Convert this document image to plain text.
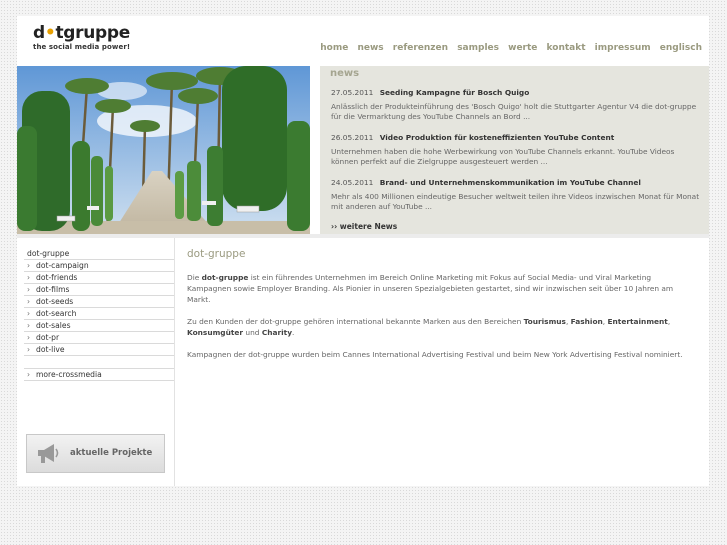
d•tgruppe
the social media power!	home news referenzen samples werte kontakt impressum englisch
news
27.05.2011 Seeding Kampagne für Bosch Quigo
Anlässlich der Produkteinführung des 'Bosch Quigo' holt die Stuttgarter Agentur V4 die dot-gruppe für die Vermarktung des YouTube Channels an Bord ...
26.05.2011 Video Produktion für kosteneffizienten YouTube Content
Unternehmen haben die hohe Werbewirkung von YouTube Channels erkannt. YouTube Videos können perfekt auf die Zielgruppe ausgesteuert werden ...
24.05.2011 Brand- und Unternehmenskommunikation im YouTube Channel
Mehr als 400 Millionen eindeutige Besucher weltweit teilen ihre Videos inzwischen Monat für Monat mit anderen auf YouTube ...
›› weitere News
dot-gruppe
› dot-campaign
› dot-friends
› dot-films
› dot-seeds
› dot-search
› dot-sales
› dot-pr
› dot-live
› more-crossmedia
aktuelle Projekte
dot-gruppe

Die dot-gruppe ist ein führendes Unternehmen im Bereich Online Marketing mit Fokus auf Social Media- und Viral Marketing Kampagnen sowie Employer Branding. Als Pionier in unseren Spezialgebieten gestartet, sind wir inzwischen seit über 10 Jahren am Markt.

Zu den Kunden der dot-gruppe gehören international bekannte Marken aus den Bereichen Tourismus, Fashion, Entertainment, Konsumgüter und Charity.

Kampagnen der dot-gruppe wurden beim Cannes International Advertising Festival und beim New York Advertising Festival nominiert.
